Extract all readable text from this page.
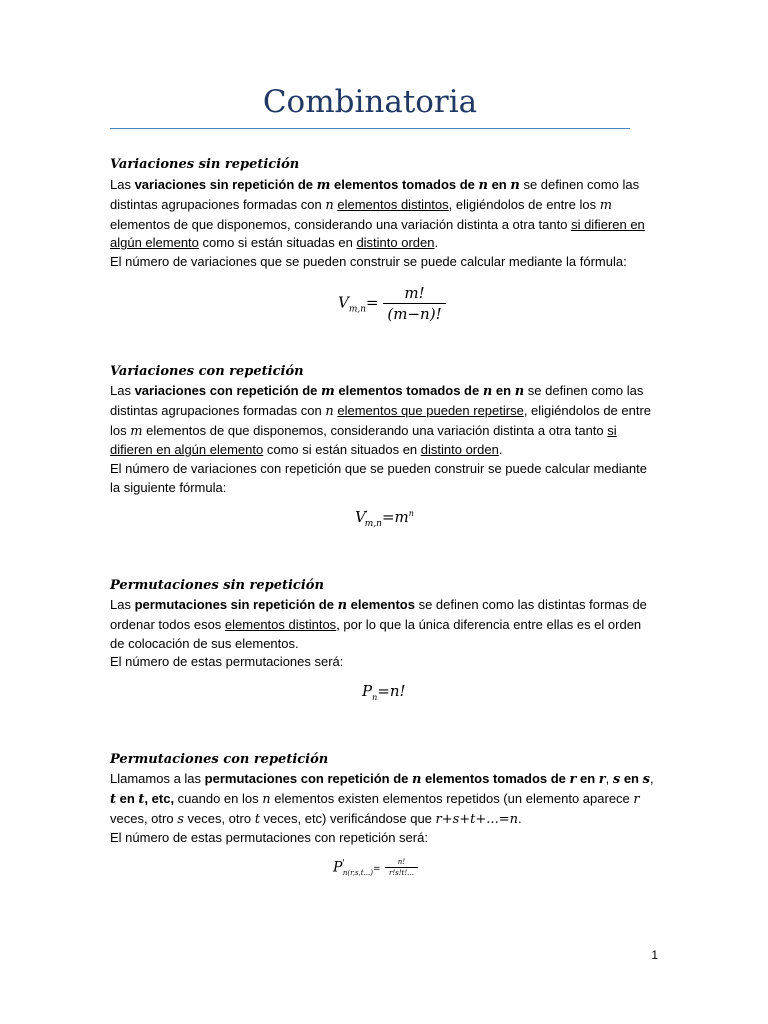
Combinatoria
Variaciones sin repetición

Las variaciones sin repetición de m elementos tomados de n en n se definen como las distintas agrupaciones formadas con n elementos distintos, eligiéndolos de entre los m elementos de que disponemos, considerando una variación distinta a otra tanto si difieren en algún elemento como si están situadas en distinto orden.

El número de variaciones que se pueden construir se puede calcular mediante la fórmula:

$V_{m,n}= \frac{m!}{(m-n)!}$
Variaciones con repetición

Las variaciones con repetición de m elementos tomados de n en n se definen como las distintas agrupaciones formadas con n elementos que pueden repetirse, eligiéndolos de entre los m elementos de que disponemos, considerando una variación distinta a otra tanto si difieren en algún elemento como si están situados en distinto orden.

El número de variaciones con repetición que se pueden construir se puede calcular mediante la siguiente fórmula:

$V'_{m,n}=m^n$
Permutaciones sin repetición

Las permutaciones sin repetición de n elementos se definen como las distintas formas de ordenar todos esos elementos distintos, por lo que la única diferencia entre ellas es el orden de colocación de sus elementos.

El número de estas permutaciones será:

$P_n=n$!
Permutaciones con repetición

Llamamos a las permutaciones con repetición de n elementos tomados de r en r, s en s, t en t, etc, cuando en los n elementos existen elementos repetidos (un elemento aparece r veces, otro s veces, otro t veces, etc) verificándose que r+s+t+...=n.

El número de estas permutaciones con repetición será:

$P'_{n(r,s,t...)}= \frac{n!}{r!s!t!...}$
1
